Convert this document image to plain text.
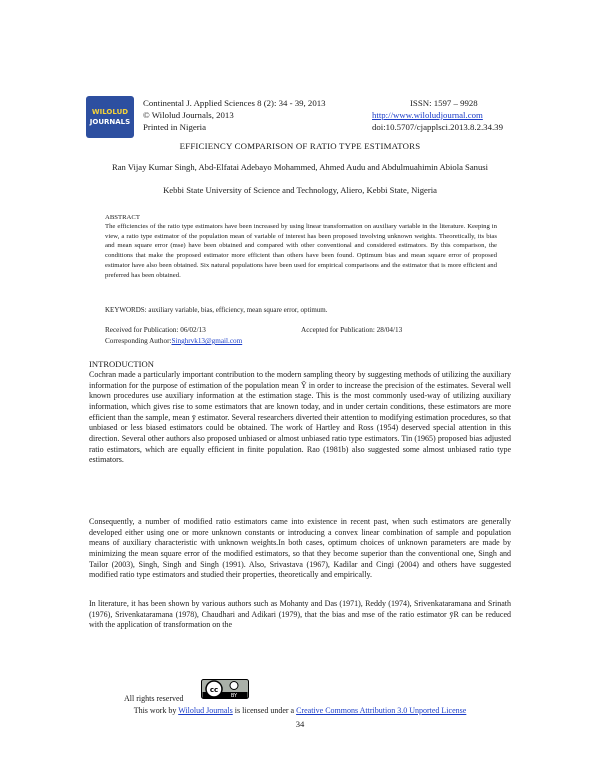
WILOLUD
JOURNALS
Continental J. Applied Sciences 8 (2): 34 - 39, 2013
© Wilolud Journals, 2013
Printed in Nigeria
ISSN: 1597 – 9928
http://www.wiloludjournal.com
doi:10.5707/cjapplsci.2013.8.2.34.39
EFFICIENCY COMPARISON OF RATIO TYPE ESTIMATORS
Ran Vijay Kumar Singh, Abd-Elfatai Adebayo Mohammed, Ahmed Audu and Abdulmuahimin Abiola Sanusi
Kebbi State University of Science and Technology, Aliero, Kebbi State, Nigeria
ABSTRACT
The efficiencies of the ratio type estimators have been increased by using linear transformation on auxiliary variable in the literature. Keeping in view, a ratio type estimator of the population mean of variable of interest has been proposed involving unknown weights. Theoretically, its bias and mean square error (mse) have been obtained and compared with other conventional and considered estimators. By this comparison, the conditions that make the proposed estimator more efficient than others have been found. Optimum bias and mean square error of proposed estimator have also been obtained. Six natural populations have been used for empirical comparisons and the estimator that is more efficient and preferred has been obtained.
KEYWORDS: auxiliary variable, bias, efficiency, mean square error, optimum.
Received for Publication: 06/02/13	Accepted for Publication: 28/04/13
Corresponding Author:Singhrvk13@gmail.com
INTRODUCTION
Cochran made a particularly important contribution to the modern sampling theory by suggesting methods of utilizing the auxiliary information for the purpose of estimation of the population mean Ȳ in order to increase the precision of the estimates. Several well known procedures use auxiliary information at the estimation stage. This is the most commonly used-way of utilizing auxiliary information, which gives rise to some estimators that are known today, and in under certain conditions, these estimators are more efficient than the sample, mean ȳ estimator. Several researchers diverted their attention to modifying estimation procedures, so that unbiased or less biased estimators could be obtained. The work of Hartley and Ross (1954) deserved special attention in this direction. Several other authors also proposed unbiased or almost unbiased ratio type estimators. Tin (1965) proposed bias adjusted ratio estimators, which are equally efficient in finite population. Rao (1981b) also suggested some almost unbiased ratio type estimators.
Consequently, a number of modified ratio estimators came into existence in recent past, when such estimators are generally developed either using one or more unknown constants or introducing a convex linear combination of sample and population means of auxiliary characteristic with unknown weights.In both cases, optimum choices of unknown parameters are made by minimizing the mean square error of the modified estimators, so that they become superior than the conventional one, Singh and Tailor (2003), Singh, Singh and Singh (1991). Also, Srivastava (1967), Kadilar and Cingi (2004) and others have suggested modified ratio type estimators and studied their properties, theoretically and empirically.
In literature, it has been shown by various authors such as Mohanty and Das (1971), Reddy (1974), Srivenkataramana and Srinath (1976), Srivenkataramana (1978), Chaudhari and Adikari (1979), that the bias and mse of the ratio estimator ȳR can be reduced with the application of transformation on the
All rights reserved
cc
BY
This work by Wilolud Journals is licensed under a Creative Commons Attribution 3.0 Unported License
34
